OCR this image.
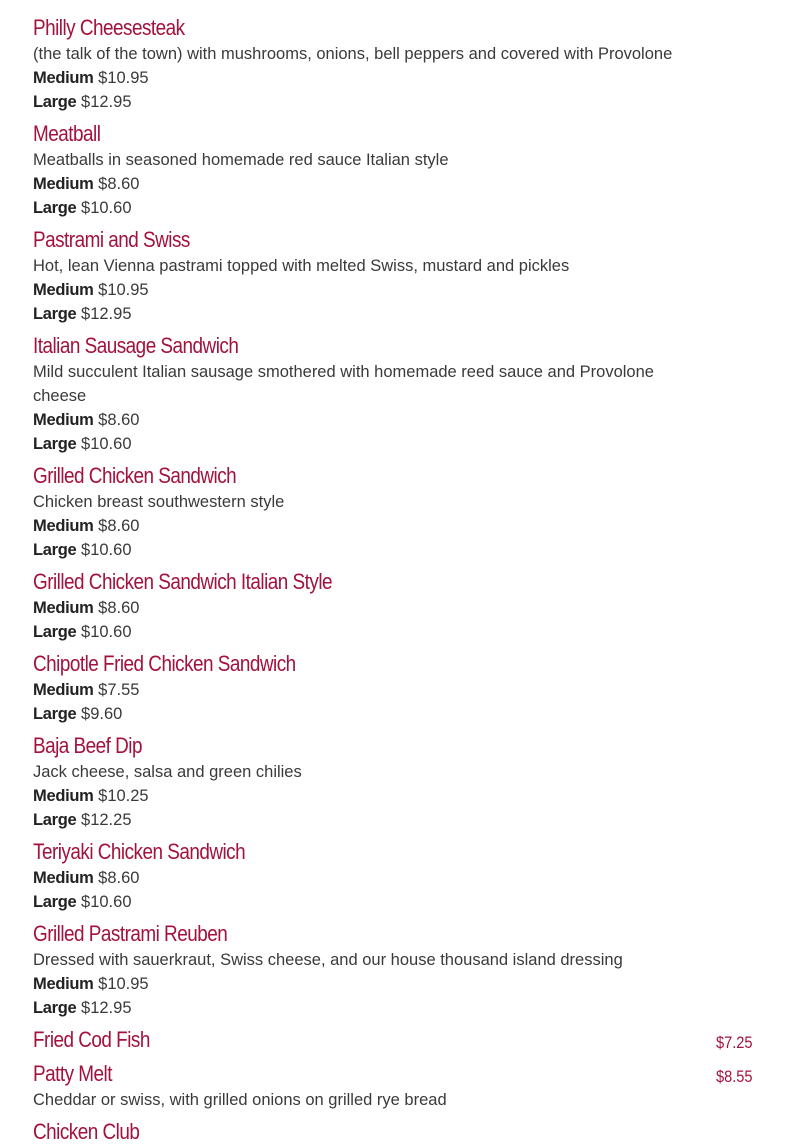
Philly Cheesesteak
(the talk of the town) with mushrooms, onions, bell peppers and covered with Provolone
Medium $10.95
Large $12.95
Meatball
Meatballs in seasoned homemade red sauce Italian style
Medium $8.60
Large $10.60
Pastrami and Swiss
Hot, lean Vienna pastrami topped with melted Swiss, mustard and pickles
Medium $10.95
Large $12.95
Italian Sausage Sandwich
Mild succulent Italian sausage smothered with homemade reed sauce and Provolone cheese
Medium $8.60
Large $10.60
Grilled Chicken Sandwich
Chicken breast southwestern style
Medium $8.60
Large $10.60
Grilled Chicken Sandwich Italian Style
Medium $8.60
Large $10.60
Chipotle Fried Chicken Sandwich
Medium $7.55
Large $9.60
Baja Beef Dip
Jack cheese, salsa and green chilies
Medium $10.25
Large $12.25
Teriyaki Chicken Sandwich
Medium $8.60
Large $10.60
Grilled Pastrami Reuben
Dressed with sauerkraut, Swiss cheese, and our house thousand island dressing
Medium $10.95
Large $12.95
Fried Cod Fish	$7.25
Patty Melt	$8.55
Cheddar or swiss, with grilled onions on grilled rye bread
Chicken Club
